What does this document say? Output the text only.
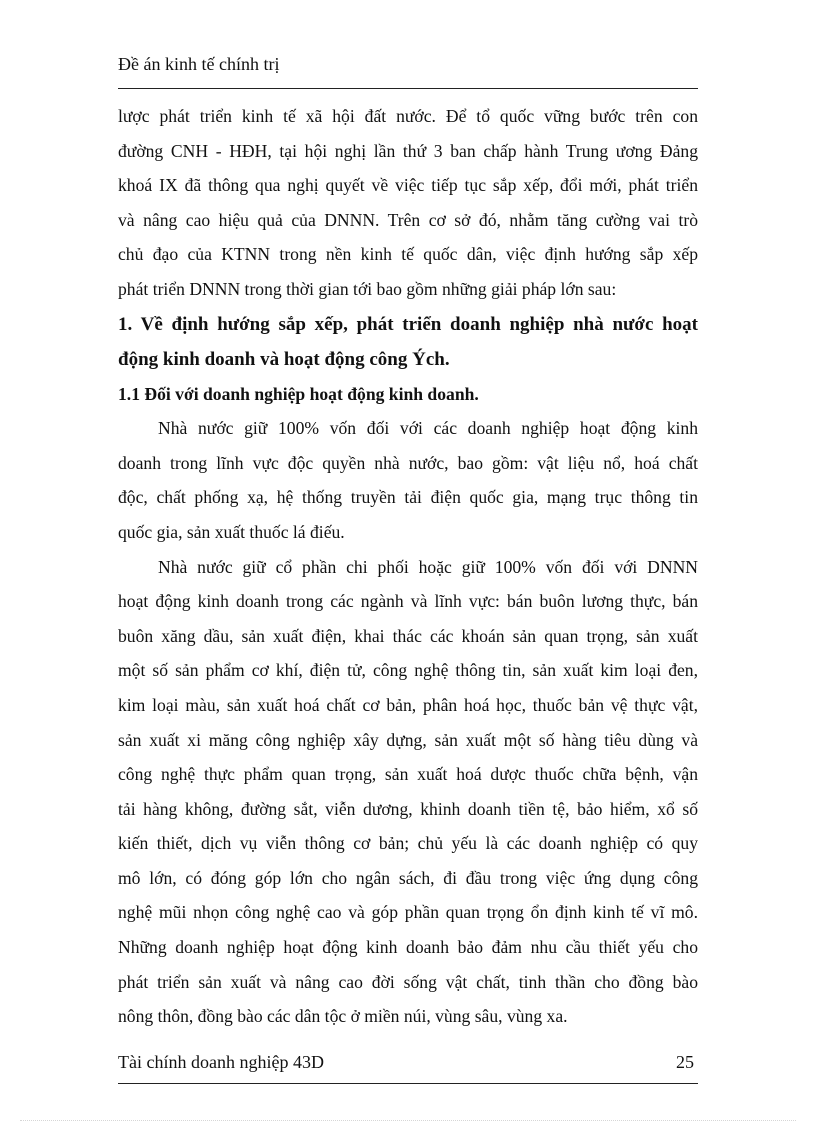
Đề án kinh tế chính trị
lược phát triển kinh tế xã hội đất nước. Để tổ quốc vững bước trên con
đường CNH - HĐH, tại hội nghị lần thứ 3 ban chấp hành Trung ương Đảng
khoá IX đã thông qua nghị quyết về việc tiếp tục sắp xếp, đổi mới, phát triển
và nâng cao hiệu quả của DNNN. Trên cơ sở đó, nhằm tăng cường vai trò
chủ đạo của KTNN trong nền kinh tế quốc dân, việc định hướng sắp xếp
phát triển DNNN trong thời gian tới bao gồm những giải pháp lớn sau:
1. Về định hướng sắp xếp, phát triển doanh nghiệp nhà nước hoạt
động kinh doanh và hoạt động công Ých.
1.1 Đối với doanh nghiệp hoạt động kinh doanh.
Nhà nước giữ 100% vốn đối với các doanh nghiệp hoạt động kinh
doanh trong lĩnh vực độc quyền nhà nước, bao gồm: vật liệu nổ, hoá chất
độc, chất phống xạ, hệ thống truyền tải điện quốc gia, mạng trục thông tin
quốc gia, sản xuất thuốc lá điếu.
Nhà nước giữ cổ phần chi phối hoặc giữ 100% vốn đối với DNNN
hoạt động kinh doanh trong các ngành và lĩnh vực: bán buôn lương thực, bán
buôn xăng dầu, sản xuất điện, khai thác các khoán sản quan trọng, sản xuất
một số sản phẩm cơ khí, điện tử, công nghệ thông tin, sản xuất kim loại đen,
kim loại màu, sản xuất hoá chất cơ bản, phân hoá học, thuốc bản vệ thực vật,
sản xuất xi măng công nghiệp xây dựng, sản xuất một số hàng tiêu dùng và
công nghệ thực phẩm quan trọng, sản xuất hoá dược thuốc chữa bệnh, vận
tải hàng không, đường sắt, viễn dương, khinh doanh tiền tệ, bảo hiểm, xổ số
kiến thiết, dịch vụ viễn thông cơ bản; chủ yếu là các doanh nghiệp có quy
mô lớn, có đóng góp lớn cho ngân sách, đi đầu trong việc ứng dụng công
nghệ mũi nhọn công nghệ cao và góp phần quan trọng ổn định kinh tế vĩ mô.
Những doanh nghiệp hoạt động kinh doanh bảo đảm nhu cầu thiết yếu cho
phát triển sản xuất và nâng cao đời sống vật chất, tinh thần cho đồng bào
nông thôn, đồng bào các dân tộc ở miền núi, vùng sâu, vùng xa.
Tài chính doanh nghiệp 43D	25
